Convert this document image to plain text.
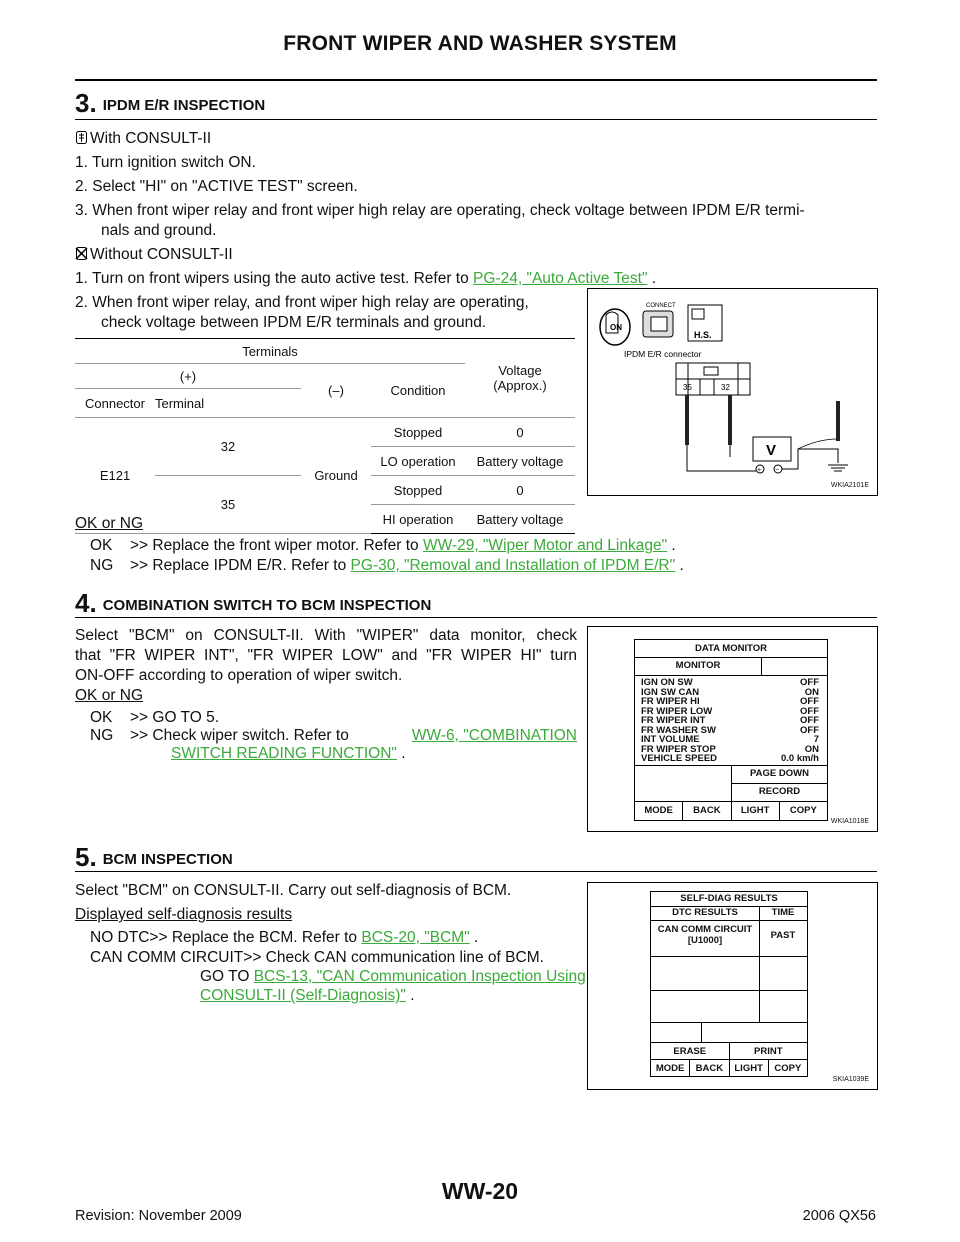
FRONT WIPER AND WASHER SYSTEM
3. IPDM E/R INSPECTION
With CONSULT-II
1. Turn ignition switch ON.
2. Select "HI" on "ACTIVE TEST" screen.
3. When front wiper relay and front wiper high relay are operating, check voltage between IPDM E/R termi-
nals and ground.
Without CONSULT-II
1. Turn on front wipers using the auto active test. Refer to PG-24, "Auto Active Test" .
2. When front wiper relay, and front wiper high relay are operating,
check voltage between IPDM E/R terminals and ground.
Terminals				Voltage
(Approx.)
(+)		(–)	Condition	
Connector	Terminal			
E121	32	Ground	Stopped	0
			LO operation	Battery voltage
	35		Stopped	0
			HI operation	Battery voltage
ON
CONNECT
H.S.
IPDM E/R connector
35	32
V
+ −
WKIA2101E
OK or NG
OK >> Replace the front wiper motor. Refer to WW-29, "Wiper Motor and Linkage" .
NG >> Replace IPDM E/R. Refer to PG-30, "Removal and Installation of IPDM E/R" .
4. COMBINATION SWITCH TO BCM INSPECTION
Select "BCM" on CONSULT-II. With "WIPER" data monitor, check
that "FR WIPER INT", "FR WIPER LOW" and "FR WIPER HI" turn
ON-OFF according to operation of wiper switch.
OK or NG
OK >> GO TO 5.
NG >> Check wiper switch. Refer to	WW-6, "COMBINATION
SWITCH READING FUNCTION" .
DATA MONITOR
MONITOR
IGN ON SW	OFF
IGN SW CAN	ON
FR WIPER HI	OFF
FR WIPER LOW	OFF
FR WIPER INT	OFF
FR WASHER SW	OFF
INT VOLUME	7
FR WIPER STOP	ON
VEHICLE SPEED	0.0 km/h
PAGE DOWN
RECORD
MODE	BACK	LIGHT	COPY
WKIA1018E
5. BCM INSPECTION
Select "BCM" on CONSULT-II. Carry out self-diagnosis of BCM.
Displayed self-diagnosis results
NO DTC>> Replace the BCM. Refer to BCS-20, "BCM" .
CAN COMM CIRCUIT>> Check CAN communication line of BCM.
GO TO BCS-13, "CAN Communication Inspection Using
CONSULT-II (Self-Diagnosis)" .
SELF-DIAG RESULTS
DTC RESULTS	TIME
CAN COMM CIRCUIT
[U1000]	PAST
ERASE	PRINT
MODE	BACK	LIGHT	COPY
SKIA1039E
WW-20
Revision: November 2009	2006 QX56
